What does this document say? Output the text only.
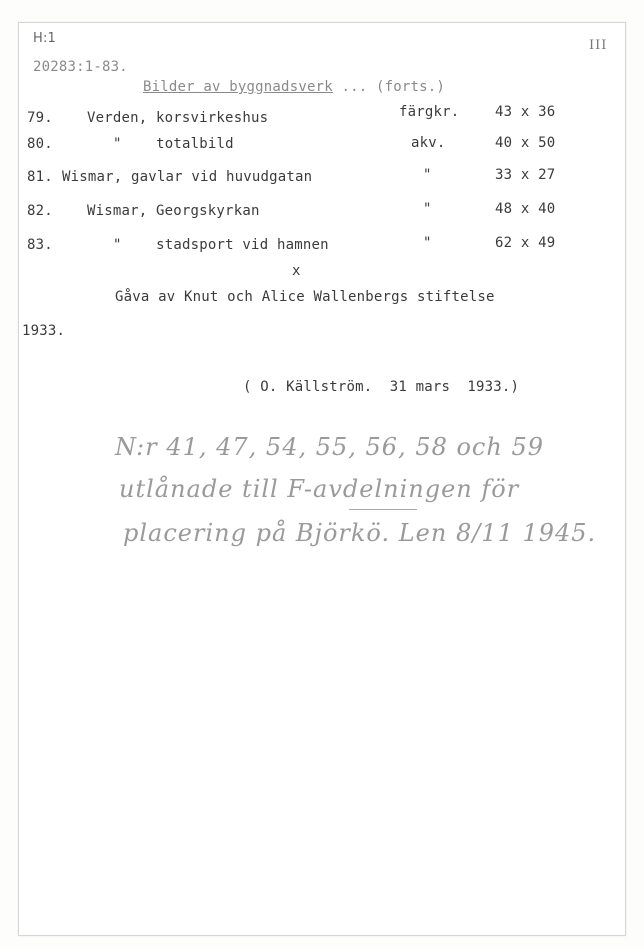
H:1	III
20283:1-83.
Bilder av byggnadsverk ... (forts.)
79. Verden, korsvirkeshus	färgkr.	43 x 36
80.	"    totalbild	akv.	40 x 50
81. Wismar, gavlar vid huvudgatan	"	33 x 27
82. Wismar, Georgskyrkan	"	48 x 40
83.	"    stadsport vid hamnen	"	62 x 49
x
Gåva av Knut och Alice Wallenbergs stiftelse
1933.
( O. Källström.  31 mars  1933.)
N:r 41, 47, 54, 55, 56, 58 och 59
utlånade till F-avdelningen för
placering på Björkö. Len 8/11 1945.
